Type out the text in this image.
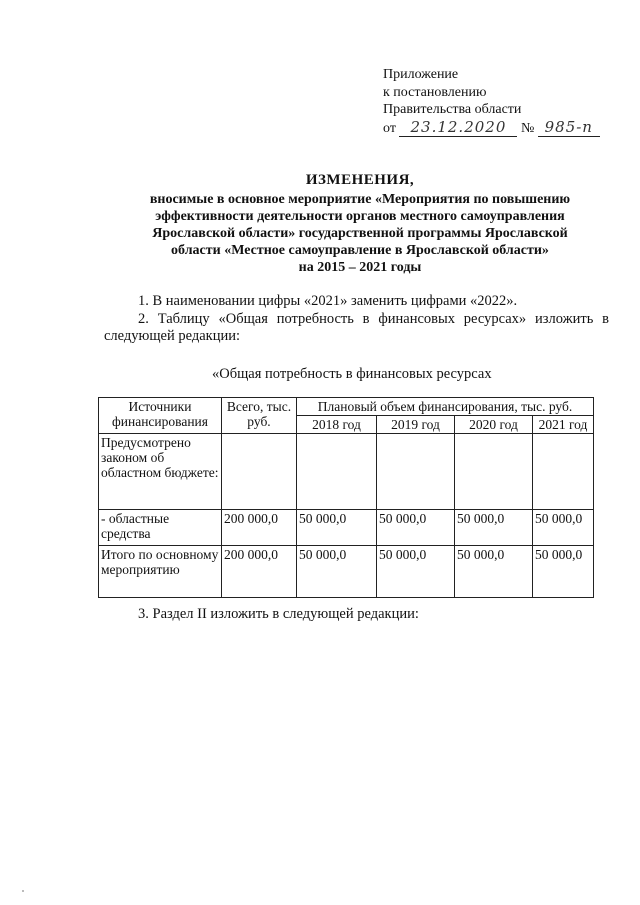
Приложение
к постановлению
Правительства области
от 23.12.2020 № 985-п
ИЗМЕНЕНИЯ,
вносимые в основное мероприятие «Мероприятия по повышению
эффективности деятельности органов местного самоуправления
Ярославской области» государственной программы Ярославской
области «Местное самоуправление в Ярославской области»
на 2015 – 2021 годы
1. В наименовании цифры «2021» заменить цифрами «2022».
2. Таблицу «Общая потребность в финансовых ресурсах» изложить в следующей редакции:
«Общая потребность в финансовых ресурсах
Источники финансирования	Всего, тыс. руб.	Плановый объем финансирования, тыс. руб.			
		2018 год	2019 год	2020 год	2021 год
Предусмотрено законом об областном бюджете:					
- областные средства	200 000,0	50 000,0	50 000,0	50 000,0	50 000,0
Итого по основному мероприятию	200 000,0	50 000,0	50 000,0	50 000,0	50 000,0
3. Раздел II изложить в следующей редакции:
